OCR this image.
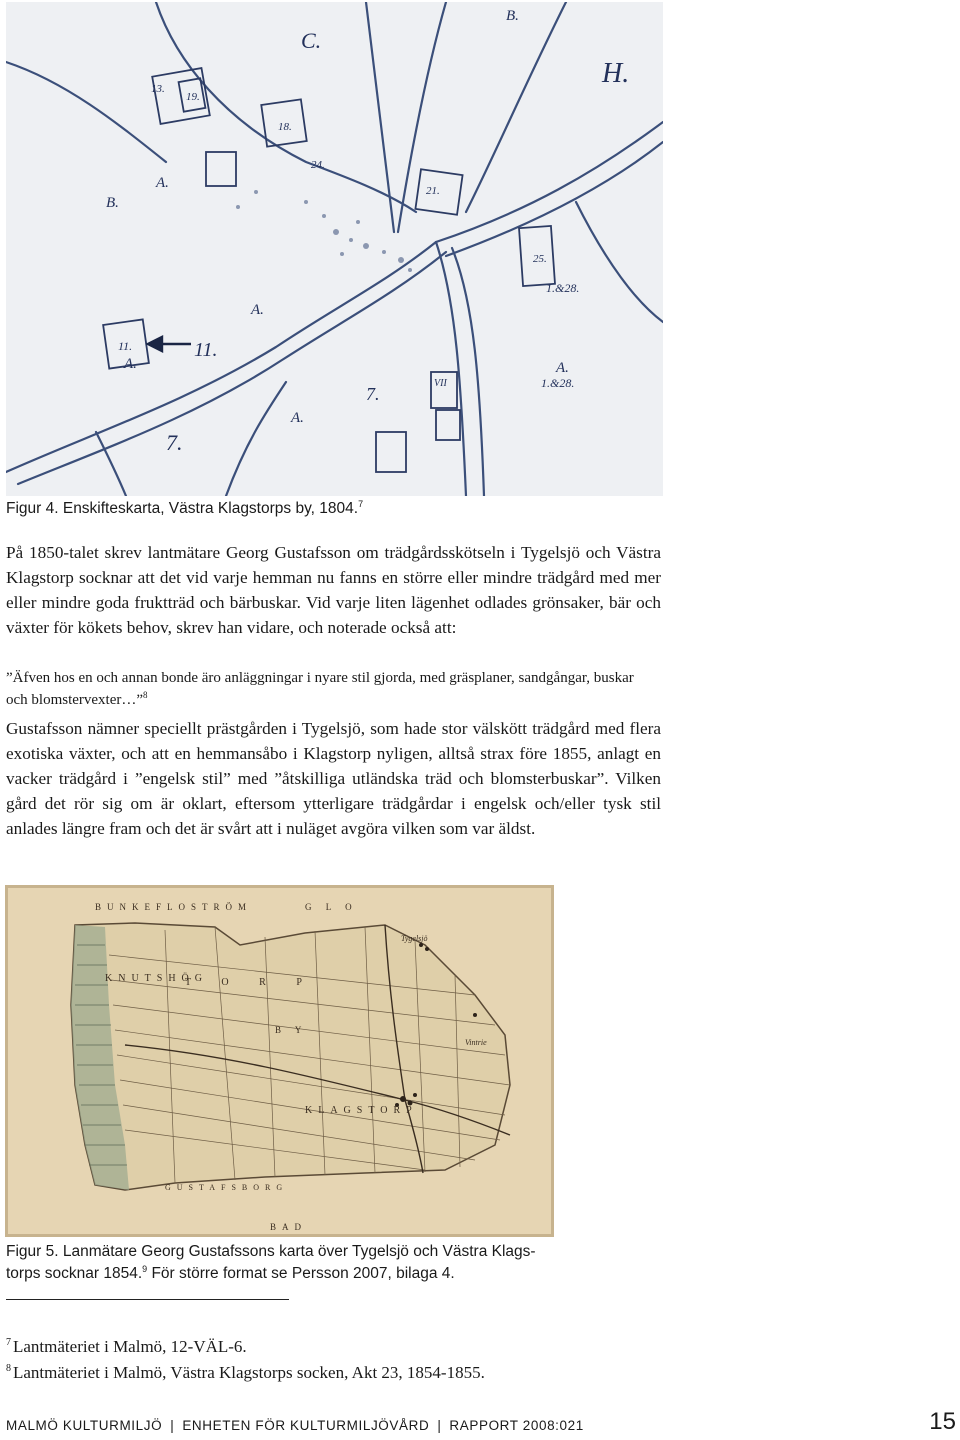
C.
B.
H.
13.
19.
18.
24.
21.
25.
A.
B.
11.	11.
A.
A.
7.
VII
1.&28.
A.
1.&28.
7.
A.
Figur 4. Enskifteskarta, Västra Klagstorps by, 1804.$^7$

På 1850-talet skrev lantmätare Georg Gustafsson om trädgårdsskötseln i Tygelsjö och Västra Klagstorp socknar att det vid varje hemman nu fanns en större eller mindre trädgård med mer eller mindre goda fruktträd och bärbuskar. Vid varje liten lägenhet odlades grönsaker, bär och växter för kökets behov, skrev han vidare, och noterade också att:

”Äfven hos en och annan bonde äro anläggningar i nyare stil gjorda, med gräsplaner, sandgångar, buskar och blomstervexter…”$^8$

Gustafsson nämner speciellt prästgården i Tygelsjö, som hade stor välskött trädgård med flera exotiska växter, och att en hemmansåbo i Klagstorp nyligen, alltså strax före 1855, anlagt en vacker trädgård i ”engelsk stil” med ”åtskilliga utländska träd och blomsterbuskar”. Vilken gård det rör sig om är oklart, eftersom ytterligare trädgårdar i engelsk och/eller tysk stil anlades längre fram och det är svårt att i nuläget avgöra vilken som var äldst.

BUNKEFLOSTRÖM	G L O
BAD
KNUTSHÖG
B Y
KLAGSTORP
GUSTAFSBORG
T O R P
Tygelsjö
Vintrie
Figur 5. Lanmätare Georg Gustafssons karta över Tygelsjö och Västra Klags-torps socknar 1854.$^9$ För större format se Persson 2007, bilaga 4.
$^7$ Lantmäteriet i Malmö, 12-VÄL-6.
$^8$ Lantmäteriet i Malmö, Västra Klagstorps socken, Akt 23, 1854-1855.
MALMÖ KULTURMILJÖ | ENHETEN FÖR KULTURMILJÖVÅRD | RAPPORT 2008:021	15
